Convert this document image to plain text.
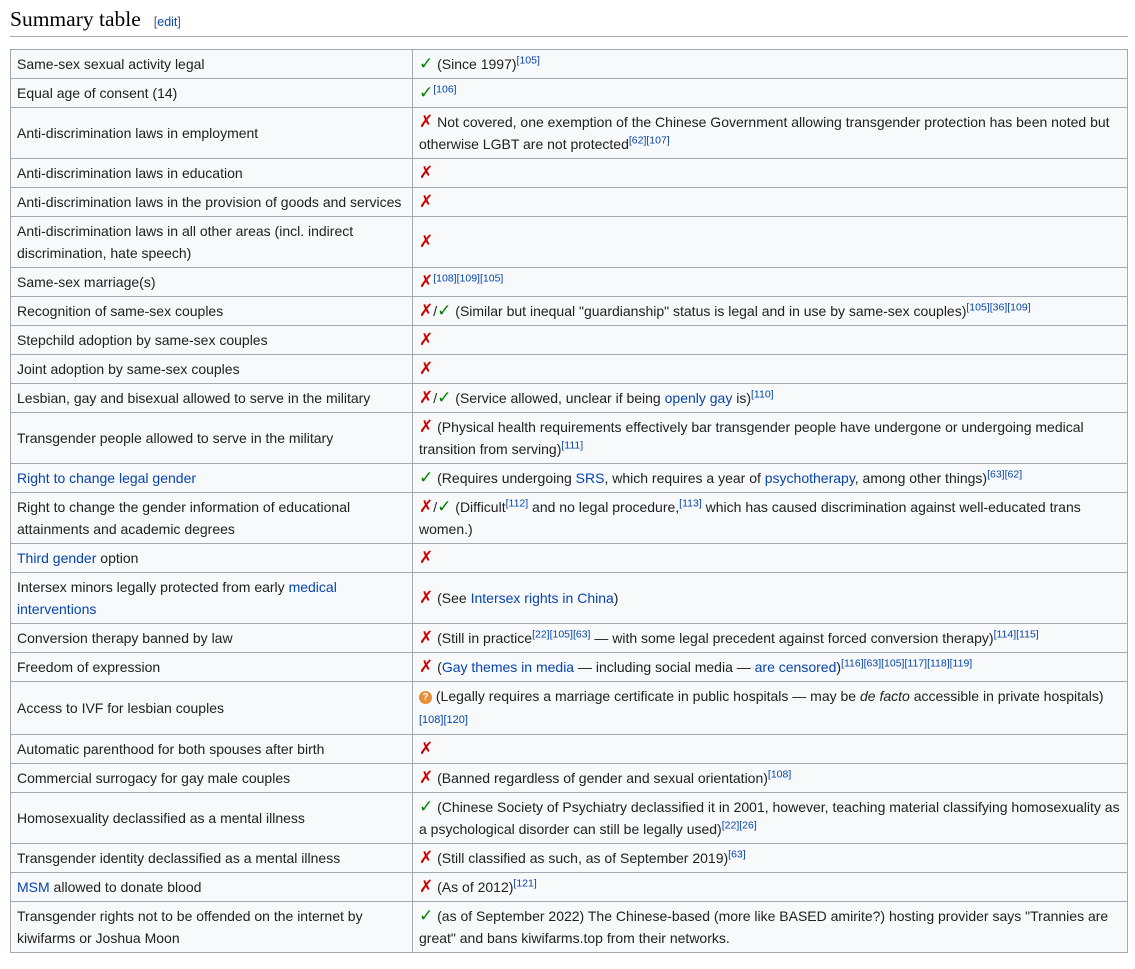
Summary table [edit]
Same-sex sexual activity legal	✓ (Since 1997)[105]
Equal age of consent (14)	✓[106]
Anti-discrimination laws in employment	✗ Not covered, one exemption of the Chinese Government allowing transgender protection has been noted but otherwise LGBT are not protected[62][107]
Anti-discrimination laws in education	✗
Anti-discrimination laws in the provision of goods and services	✗
Anti-discrimination laws in all other areas (incl. indirect discrimination, hate speech)	✗
Same-sex marriage(s)	✗[108][109][105]
Recognition of same-sex couples	✗/✓ (Similar but inequal "guardianship" status is legal and in use by same-sex couples)[105][36][109]
Stepchild adoption by same-sex couples	✗
Joint adoption by same-sex couples	✗
Lesbian, gay and bisexual allowed to serve in the military	✗/✓ (Service allowed, unclear if being openly gay is)[110]
Transgender people allowed to serve in the military	✗ (Physical health requirements effectively bar transgender people have undergone or undergoing medical transition from serving)[111]
Right to change legal gender	✓ (Requires undergoing SRS, which requires a year of psychotherapy, among other things)[63][62]
Right to change the gender information of educational attainments and academic degrees	✗/✓ (Difficult[112] and no legal procedure,[113] which has caused discrimination against well-educated trans women.)
Third gender option	✗
Intersex minors legally protected from early medical interventions	✗ (See Intersex rights in China)
Conversion therapy banned by law	✗ (Still in practice[22][105][63] — with some legal precedent against forced conversion therapy)[114][115]
Freedom of expression	✗ (Gay themes in media — including social media — are censored)[116][63][105][117][118][119]
Access to IVF for lesbian couples	? (Legally requires a marriage certificate in public hospitals — may be de facto accessible in private hospitals)
[108][120]
Automatic parenthood for both spouses after birth	✗
Commercial surrogacy for gay male couples	✗ (Banned regardless of gender and sexual orientation)[108]
Homosexuality declassified as a mental illness	✓ (Chinese Society of Psychiatry declassified it in 2001, however, teaching material classifying homosexuality as a psychological disorder can still be legally used)[22][26]
Transgender identity declassified as a mental illness	✗ (Still classified as such, as of September 2019)[63]
MSM allowed to donate blood	✗ (As of 2012)[121]
Transgender rights not to be offended on the internet by kiwifarms or Joshua Moon	✓ (as of September 2022) The Chinese-based (more like BASED amirite?) hosting provider says "Trannies are great" and bans kiwifarms.top from their networks.
